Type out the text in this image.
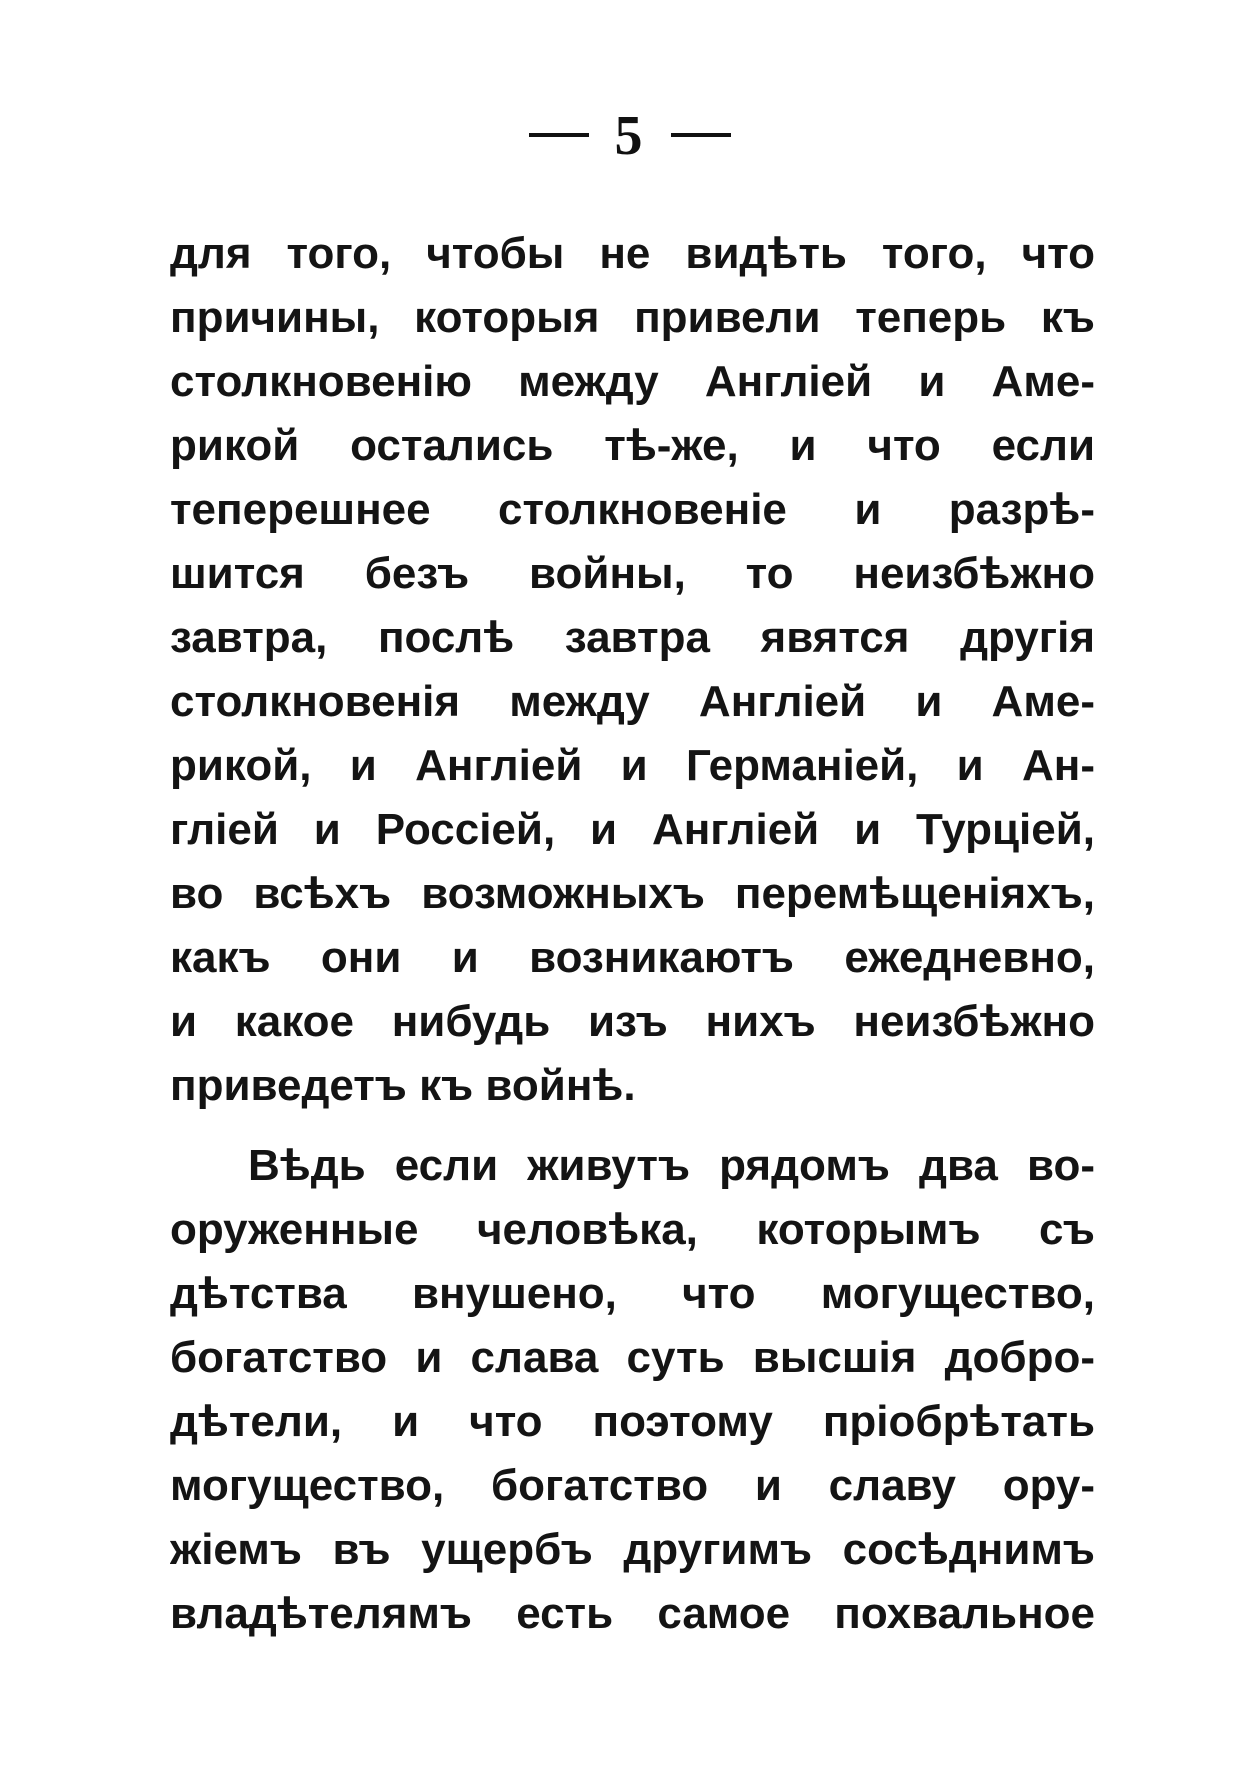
5
для того, чтобы не видѣть того, что
причины, которыя привели теперь къ
столкновенію между Англіей и Аме-
рикой остались тѣ-же, и что если
теперешнее столкновеніе и разрѣ-
шится безъ войны, то неизбѣжно
завтра, послѣ завтра явятся другія
столкновенія между Англіей и Аме-
рикой, и Англіей и Германіей, и Ан-
гліей и Россіей, и Англіей и Турціей,
во всѣхъ возможныхъ перемѣщеніяхъ,
какъ они и возникаютъ ежедневно,
и какое нибудь изъ нихъ неизбѣжно
приведетъ къ войнѣ.
Вѣдь если живутъ рядомъ два во-
оруженные человѣка, которымъ съ
дѣтства внушено, что могущество,
богатство и слава суть высшія добро-
дѣтели, и что поэтому пріобрѣтать
могущество, богатство и славу ору-
жіемъ въ ущербъ другимъ сосѣднимъ
владѣтелямъ есть самое похвальное
